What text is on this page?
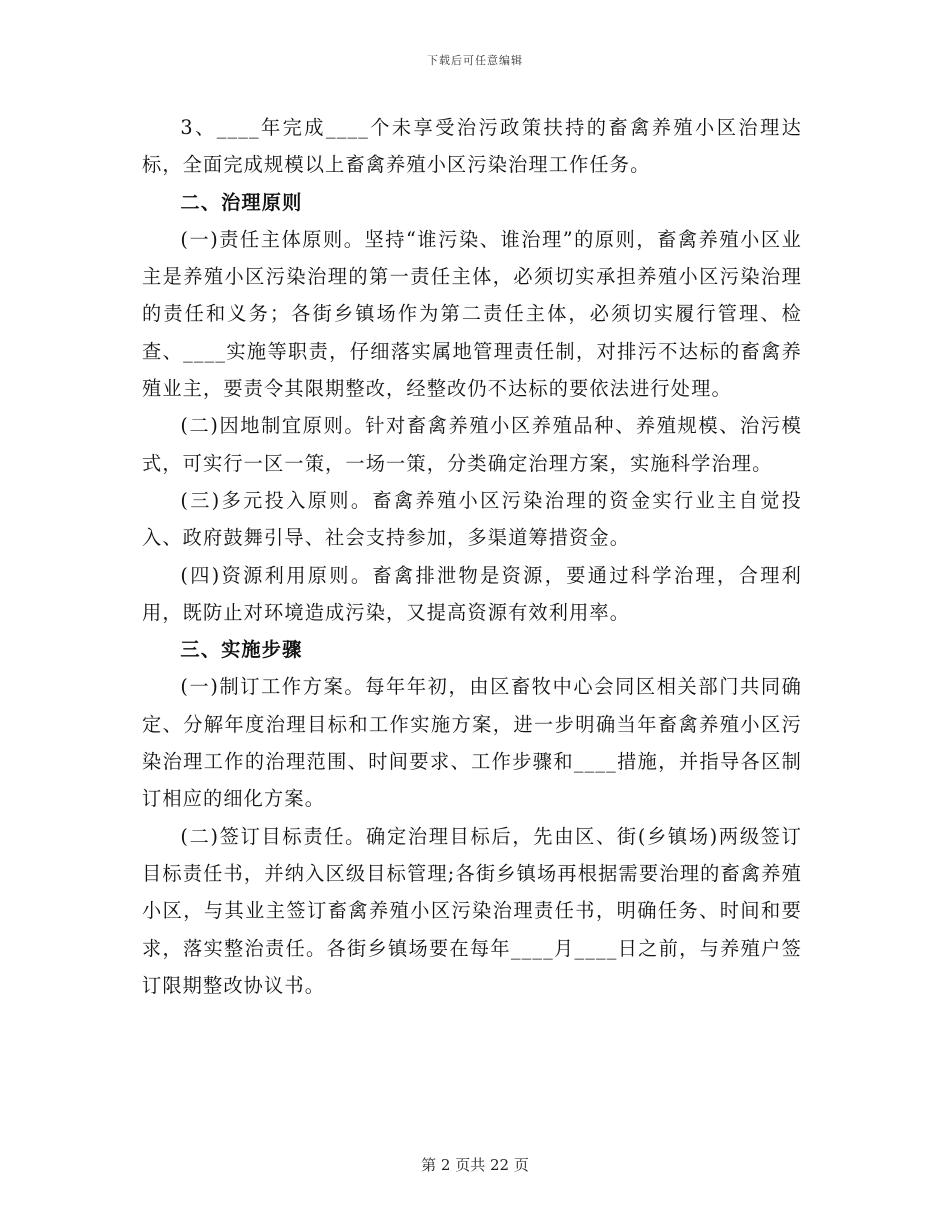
下载后可任意编辑

3、____年完成____个未享受治污政策扶持的畜禽养殖小区治理达标，全面完成规模以上畜禽养殖小区污染治理工作任务。

二、治理原则

(一)责任主体原则。坚持“谁污染、谁治理”的原则，畜禽养殖小区业主是养殖小区污染治理的第一责任主体，必须切实承担养殖小区污染治理的责任和义务；各街乡镇场作为第二责任主体，必须切实履行管理、检查、____实施等职责，仔细落实属地管理责任制，对排污不达标的畜禽养殖业主，要责令其限期整改，经整改仍不达标的要依法进行处理。

(二)因地制宜原则。针对畜禽养殖小区养殖品种、养殖规模、治污模式，可实行一区一策，一场一策，分类确定治理方案，实施科学治理。

(三)多元投入原则。畜禽养殖小区污染治理的资金实行业主自觉投入、政府鼓舞引导、社会支持参加，多渠道筹措资金。

(四)资源利用原则。畜禽排泄物是资源，要通过科学治理，合理利用，既防止对环境造成污染，又提高资源有效利用率。

三、实施步骤

(一)制订工作方案。每年年初，由区畜牧中心会同区相关部门共同确定、分解年度治理目标和工作实施方案，进一步明确当年畜禽养殖小区污染治理工作的治理范围、时间要求、工作步骤和____措施，并指导各区制订相应的细化方案。

(二)签订目标责任。确定治理目标后，先由区、街(乡镇场)两级签订目标责任书，并纳入区级目标管理;各街乡镇场再根据需要治理的畜禽养殖小区，与其业主签订畜禽养殖小区污染治理责任书，明确任务、时间和要求，落实整治责任。各街乡镇场要在每年____月____日之前，与养殖户签订限期整改协议书。

第 2 页共 22 页
